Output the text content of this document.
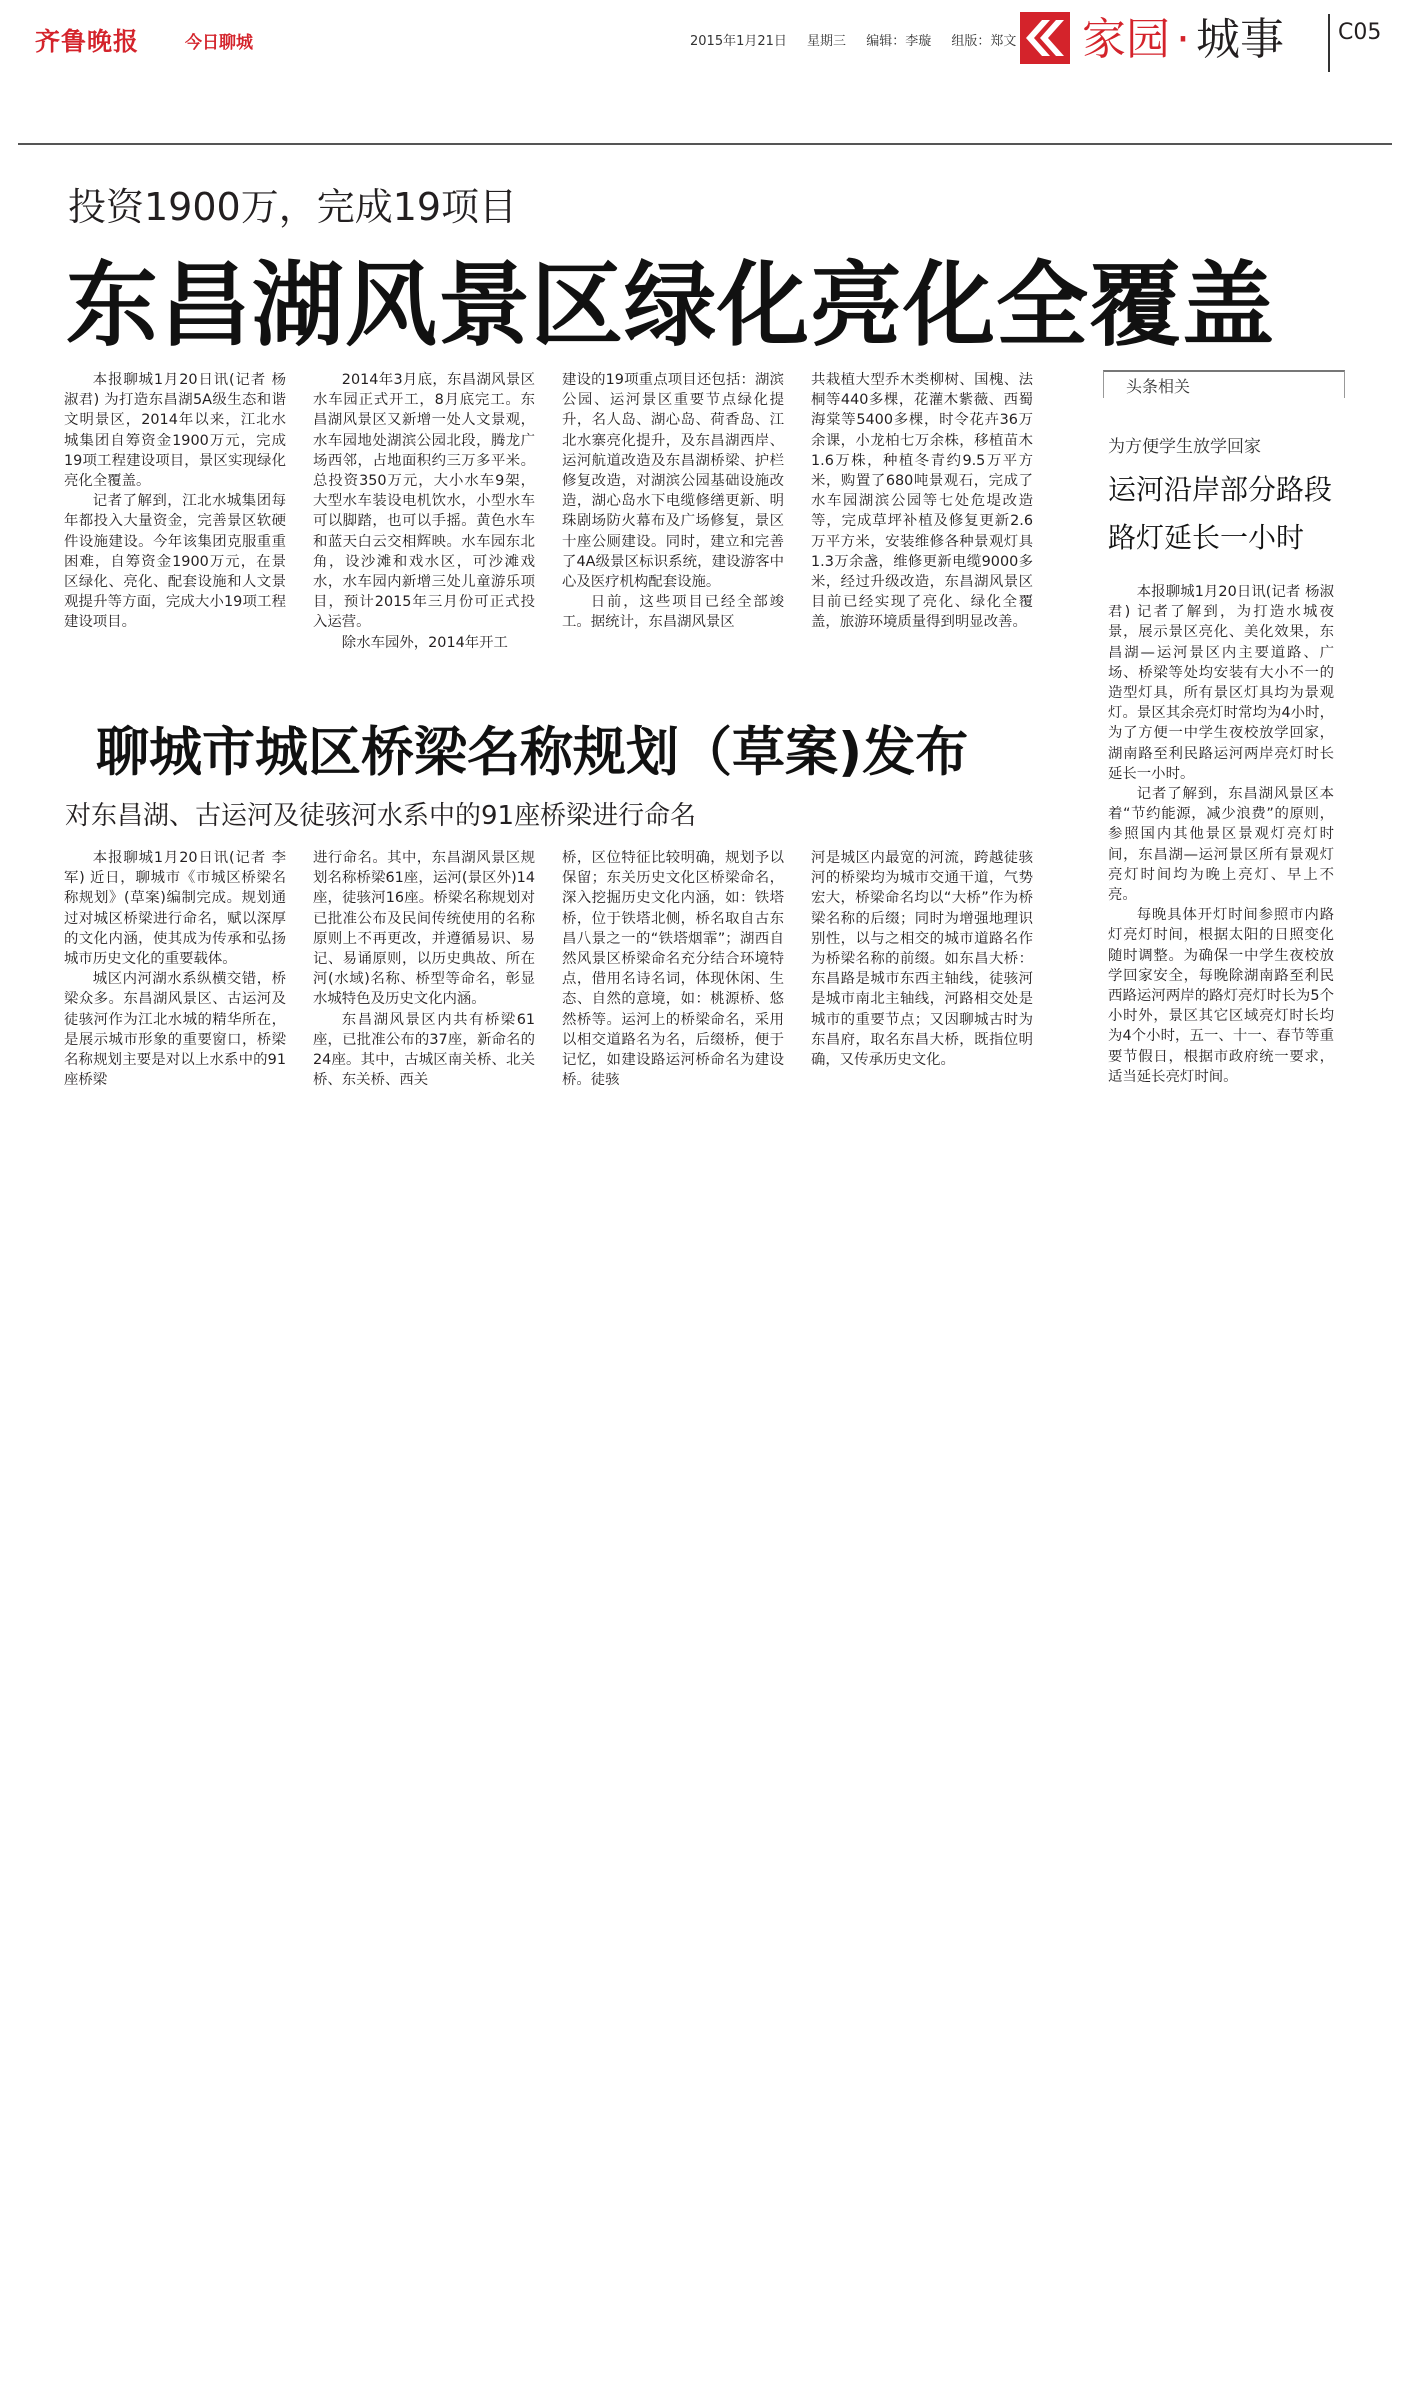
齐鲁晚报	今日聊城	2015年1月21日 星期三 编辑：李璇 组版：郑文	家园 · 城事 C05
投资1900万，完成19项目
东昌湖风景区绿化亮化全覆盖

本报聊城1月20日讯(记者 杨淑君) 为打造东昌湖5A级生态和谐文明景区，2014年以来，江北水城集团自筹资金1900万元，完成19项工程建设项目，景区实现绿化亮化全覆盖。

记者了解到，江北水城集团每年都投入大量资金，完善景区软硬件设施建设。今年该集团克服重重困难，自筹资金1900万元，在景区绿化、亮化、配套设施和人文景观提升等方面，完成大小19项工程建设项目。

2014年3月底，东昌湖风景区水车园正式开工，8月底完工。东昌湖风景区又新增一处人文景观，水车园地处湖滨公园北段，腾龙广场西邻，占地面积约三万多平米。总投资350万元，大小水车9架，大型水车装设电机饮水，小型水车可以脚踏，也可以手摇。黄色水车和蓝天白云交相辉映。水车园东北角，设沙滩和戏水区，可沙滩戏水，水车园内新增三处儿童游乐项目，预计2015年三月份可正式投入运营。

除水车园外，2014年开工

建设的19项重点项目还包括：湖滨公园、运河景区重要节点绿化提升，名人岛、湖心岛、荷香岛、江北水寨亮化提升，及东昌湖西岸、运河航道改造及东昌湖桥梁、护栏修复改造，对湖滨公园基础设施改造，湖心岛水下电缆修缮更新、明珠剧场防火幕布及广场修复，景区十座公厕建设。同时，建立和完善了4A级景区标识系统，建设游客中心及医疗机构配套设施。

日前，这些项目已经全部竣工。据统计，东昌湖风景区

共栽植大型乔木类柳树、国槐、法桐等440多棵，花灌木紫薇、西蜀海棠等5400多棵，时令花卉36万余课，小龙柏七万余株，移植苗木1.6万株，种植冬青约9.5万平方米，购置了680吨景观石，完成了水车园湖滨公园等七处危堤改造等，完成草坪补植及修复更新2.6万平方米，安装维修各种景观灯具1.3万余盏，维修更新电缆9000多米，经过升级改造，东昌湖风景区目前已经实现了亮化、绿化全覆盖，旅游环境质量得到明显改善。

聊城市城区桥梁名称规划（草案)发布
对东昌湖、古运河及徒骇河水系中的91座桥梁进行命名

本报聊城1月20日讯(记者 李军) 近日，聊城市《市城区桥梁名称规划》(草案)编制完成。规划通过对城区桥梁进行命名，赋以深厚的文化内涵，使其成为传承和弘扬城市历史文化的重要载体。

城区内河湖水系纵横交错，桥梁众多。东昌湖风景区、古运河及徒骇河作为江北水城的精华所在，是展示城市形象的重要窗口，桥梁名称规划主要是对以上水系中的91座桥梁

进行命名。其中，东昌湖风景区规划名称桥梁61座，运河(景区外)14座，徒骇河16座。桥梁名称规划对已批准公布及民间传统使用的名称原则上不再更改，并遵循易识、易记、易诵原则，以历史典故、所在河(水域)名称、桥型等命名，彰显水城特色及历史文化内涵。

东昌湖风景区内共有桥梁61座，已批准公布的37座，新命名的24座。其中，古城区南关桥、北关桥、东关桥、西关

桥，区位特征比较明确，规划予以保留；东关历史文化区桥梁命名，深入挖掘历史文化内涵，如：铁塔桥，位于铁塔北侧，桥名取自古东昌八景之一的“铁塔烟霏”；湖西自然风景区桥梁命名充分结合环境特点，借用名诗名词，体现休闲、生态、自然的意境，如：桃源桥、悠然桥等。运河上的桥梁命名，采用以相交道路名为名，后缀桥，便于记忆，如建设路运河桥命名为建设桥。徒骇

河是城区内最宽的河流，跨越徒骇河的桥梁均为城市交通干道，气势宏大，桥梁命名均以“大桥”作为桥梁名称的后缀；同时为增强地理识别性，以与之相交的城市道路名作为桥梁名称的前缀。如东昌大桥：东昌路是城市东西主轴线，徒骇河是城市南北主轴线，河路相交处是城市的重要节点；又因聊城古时为东昌府，取名东昌大桥，既指位明确，又传承历史文化。

头条相关
为方便学生放学回家
运河沿岸部分路段
路灯延长一小时

本报聊城1月20日讯(记者 杨淑君) 记者了解到，为打造水城夜景，展示景区亮化、美化效果，东昌湖—运河景区内主要道路、广场、桥梁等处均安装有大小不一的造型灯具，所有景区灯具均为景观灯。景区其余亮灯时常均为4小时，为了方便一中学生夜校放学回家，湖南路至利民路运河两岸亮灯时长延长一小时。

记者了解到，东昌湖风景区本着“节约能源，减少浪费”的原则，参照国内其他景区景观灯亮灯时间，东昌湖—运河景区所有景观灯亮灯时间均为晚上亮灯、早上不亮。

每晚具体开灯时间参照市内路灯亮灯时间，根据太阳的日照变化随时调整。为确保一中学生夜校放学回家安全，每晚除湖南路至利民西路运河两岸的路灯亮灯时长为5个小时外，景区其它区域亮灯时长均为4个小时，五一、十一、春节等重要节假日，根据市政府统一要求，适当延长亮灯时间。
